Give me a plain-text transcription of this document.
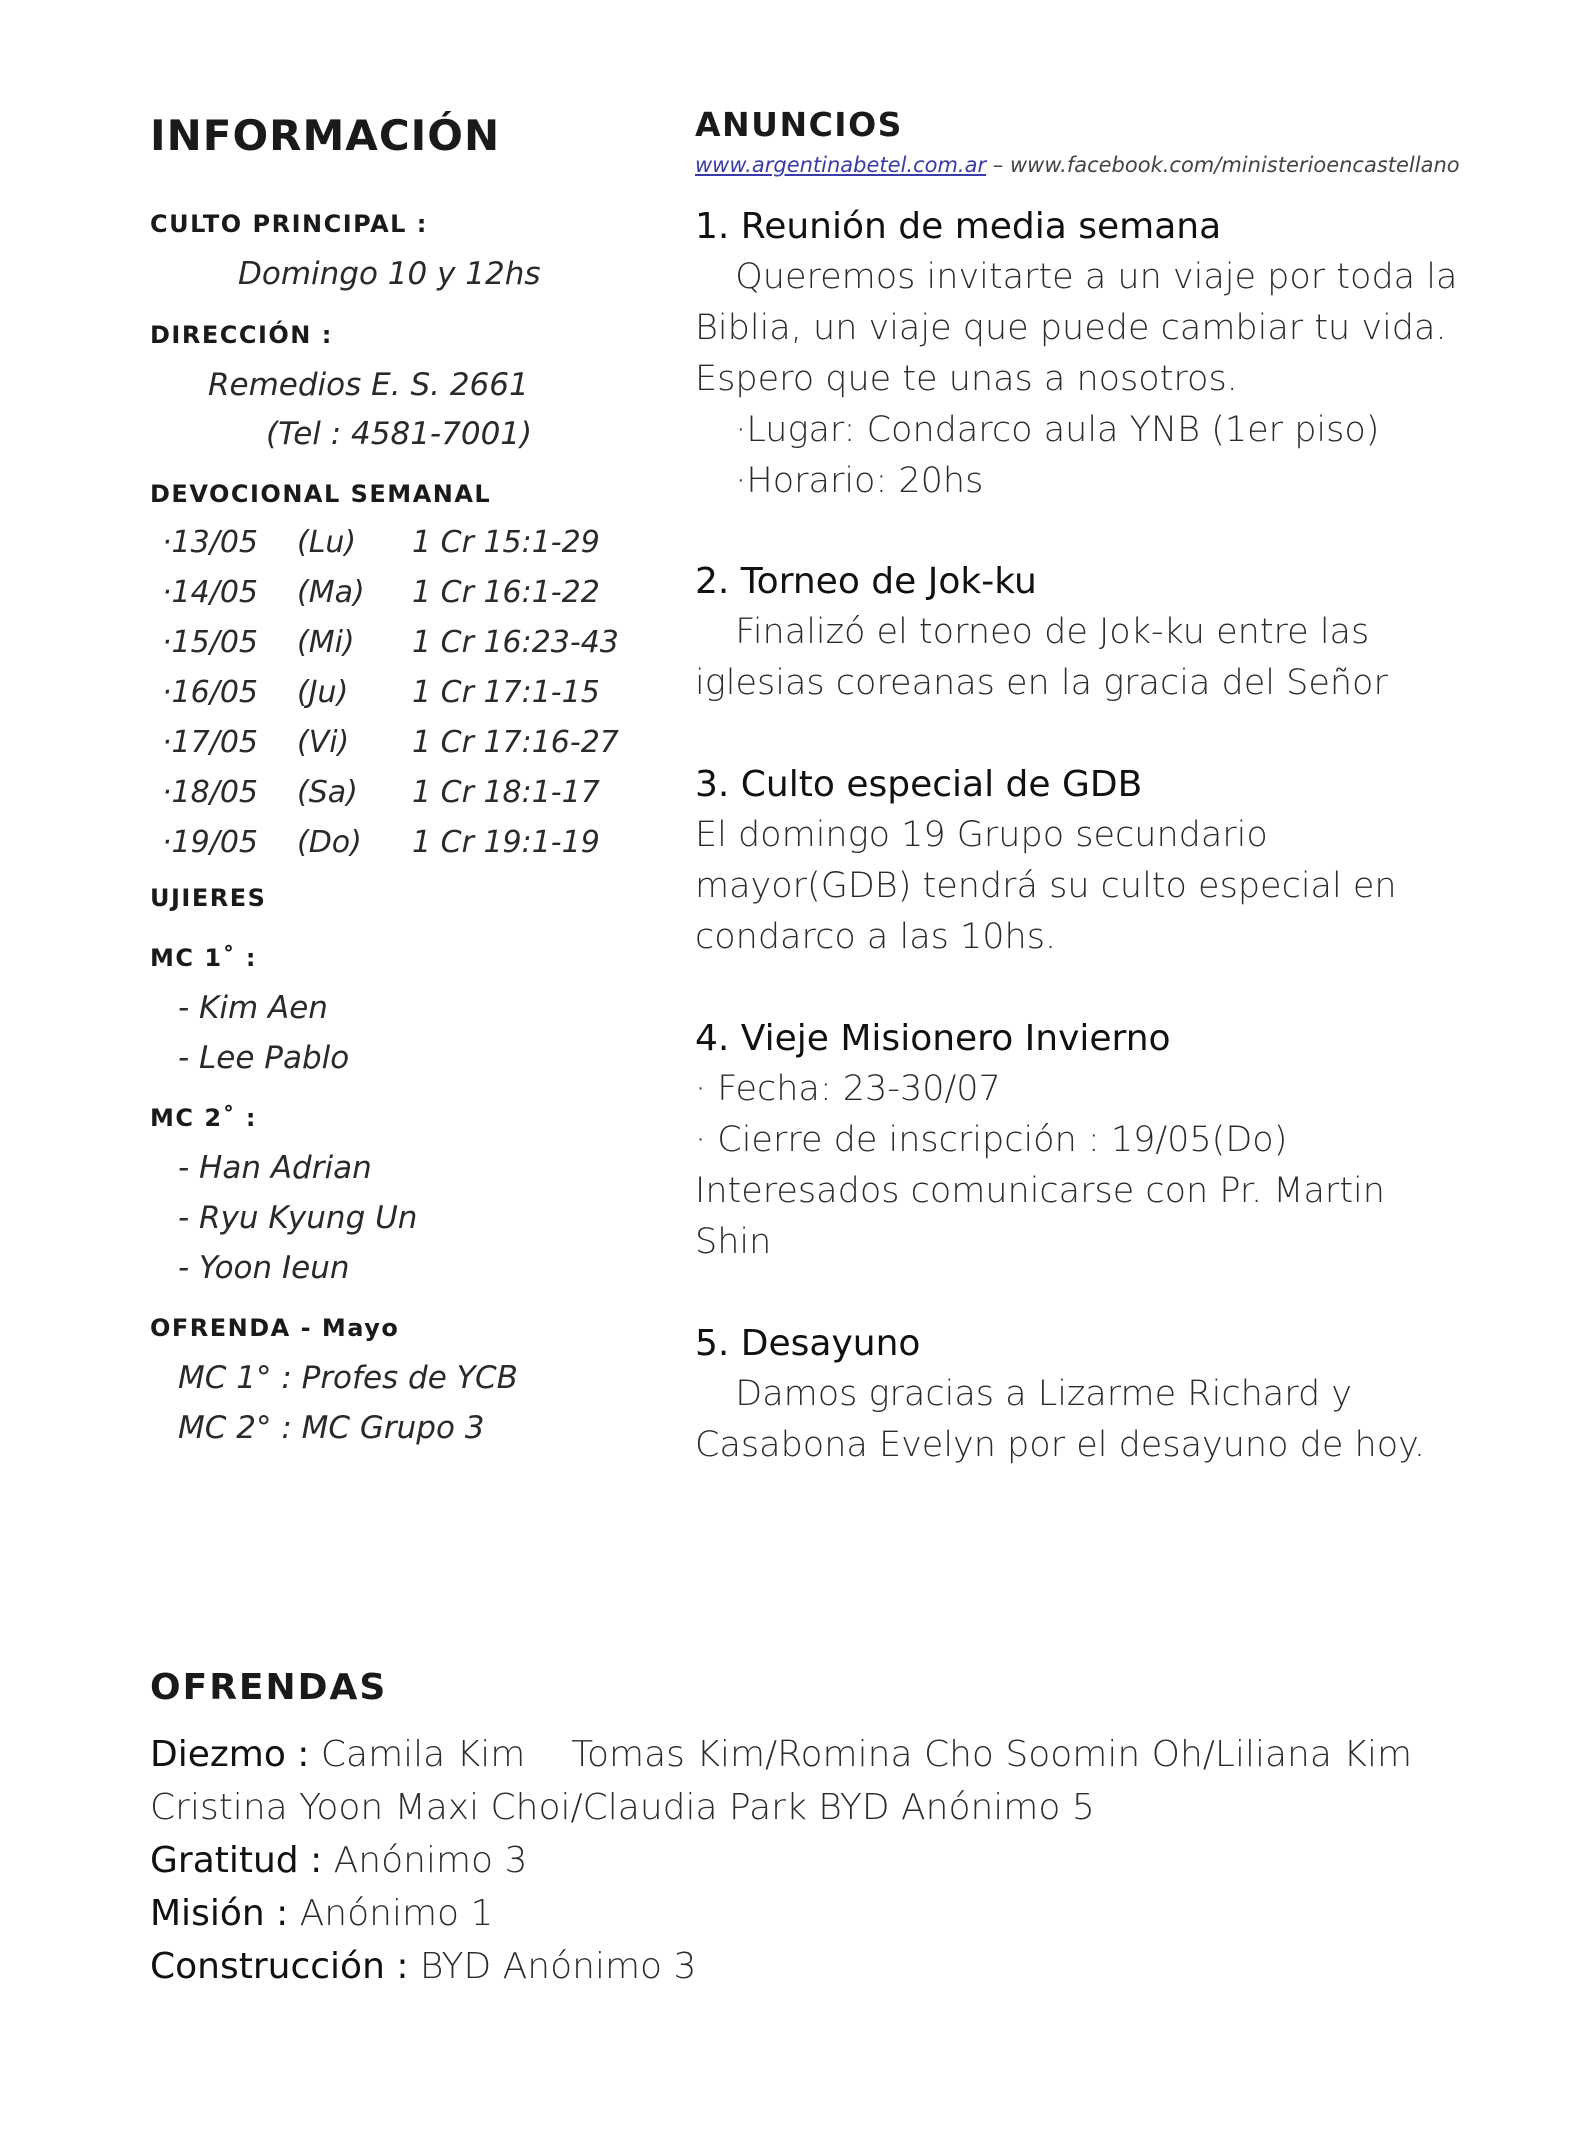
INFORMACIÓN
CULTO PRINCIPAL :
Domingo 10 y 12hs
DIRECCIÓN :
Remedios E. S. 2661
(Tel : 4581-7001)
DEVOCIONAL SEMANAL
·13/05 (Lu) 1 Cr 15:1-29
·14/05 (Ma) 1 Cr 16:1-22
·15/05 (Mi) 1 Cr 16:23-43
·16/05 (Ju) 1 Cr 17:1-15
·17/05 (Vi) 1 Cr 17:16-27
·18/05 (Sa) 1 Cr 18:1-17
·19/05 (Do) 1 Cr 19:1-19
UJIERES
MC 1˚ :
- Kim Aen
- Lee Pablo
MC 2˚ :
- Han Adrian
- Ryu Kyung Un
- Yoon Ieun
OFRENDA - Mayo
MC 1° : Profes de YCB
MC 2° : MC Grupo 3
ANUNCIOS
www.argentinabetel.com.ar – www.facebook.com/ministerioencastellano
1. Reunión de media semana
Queremos invitarte a un viaje por toda la
Biblia, un viaje que puede cambiar tu vida.
Espero que te unas a nosotros.
·Lugar: Condarco aula YNB (1er piso)
·Horario: 20hs
2. Torneo de Jok-ku
Finalizó el torneo de Jok-ku entre las
iglesias coreanas en la gracia del Señor
3. Culto especial de GDB
El domingo 19 Grupo secundario
mayor(GDB) tendrá su culto especial en
condarco a las 10hs.
4. Vieje Misionero Invierno
· Fecha: 23-30/07
· Cierre de inscripción : 19/05(Do)
Interesados comunicarse con Pr. Martin
Shin
5. Desayuno
Damos gracias a Lizarme Richard y
Casabona Evelyn por el desayuno de hoy.
OFRENDAS
Diezmo : Camila Kim    Tomas Kim/Romina Cho Soomin Oh/Liliana Kim
Cristina Yoon Maxi Choi/Claudia Park BYD Anónimo 5
Gratitud : Anónimo 3
Misión : Anónimo 1
Construcción : BYD Anónimo 3
